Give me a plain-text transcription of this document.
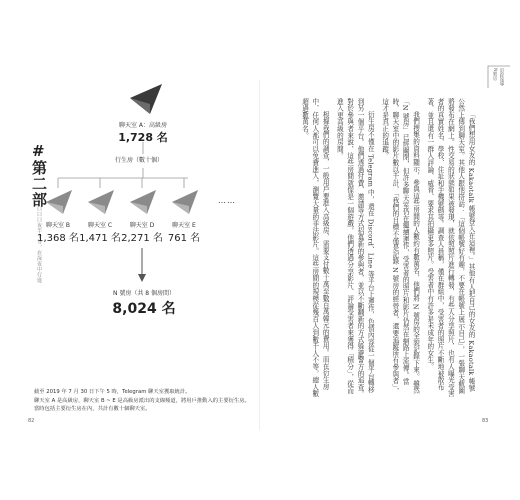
#
第二部
口口口夜半十分，在深夜中行進
聊天室 A：高級房
1,728 名
行生房（數十個）
聊天室 B
1,368 名
聊天室 C
1,471 名
聊天室 D
2,271 名
聊天室 E
761 名
……
N 號房（共 8 個房間）
8,024 名
截至 2019 年 7 月 30 日下午 5 時，Telegram 聊天室獲取統計。
聊天室 A 是高級房，聊天室 B ~ E 是高級房派出的支線頻道，將用戶推動入的主要衍生房。
當時包括主要衍生房在內，共計有數十個聊天室。
82
追踪報導
N號房

「我們想用女友的 Kakaotalk 帳號登入在這裡。」其他有人把自己的女友的 Kakaotalk 帳號公然上傳到聊天室。其他人跟他搭話：「這個帳號好有趣，不要在帳號上展示自己」，一張聊天截圖將發布在網上。性交易的狀態如果被發現，就依照照片進行轉發，有些人分享照片，也有人曝光受害者的真實姓名、學校、住址和手機號碼等。調查人員稱，僅在群組中，受害者的照片不斷地被散布著，並且還有一群人評論、威脅、要求其拍攝更多照片。受害者中有許多是未成年的女生。

我們搜集的資料顯示，參與這些房間的人數約有數萬名，他們將 N 號房的全貌記錄下來。雖然「N 號房」已經關閉，但許多聊天室仍在繼續運作，受害者的照片和影片仍然在網路上流傳。當時，聊天室中的影片數以千計，「我們的目標不僅是記錄 N 號房的經營者，還要追蹤所有參與者」，這才是真正的追蹤。

衍生房不僅在 Telegram 中，還在 Discord、Line 等平台上運作，色情內容從一個平台轉移到另一個平台。他們透過付費、邀請等方式招募新的參與者，並以不斷翻新的方式躲避警方的追查。對於參與者來說，這些房間就像是一個遊戲，他們透過分享影片、評論受害者來獲得「積分」，從而進入更高級的房間。

根據我們的調查，一般用戶要進入高級房，需要支付數十萬至數百萬韓元的費用。而在衍生房中，任何人都可以免費進入，瀏覽大量的非法影片。這些房間的規模從幾百人到數千人不等，總人數超過數萬名。

83
